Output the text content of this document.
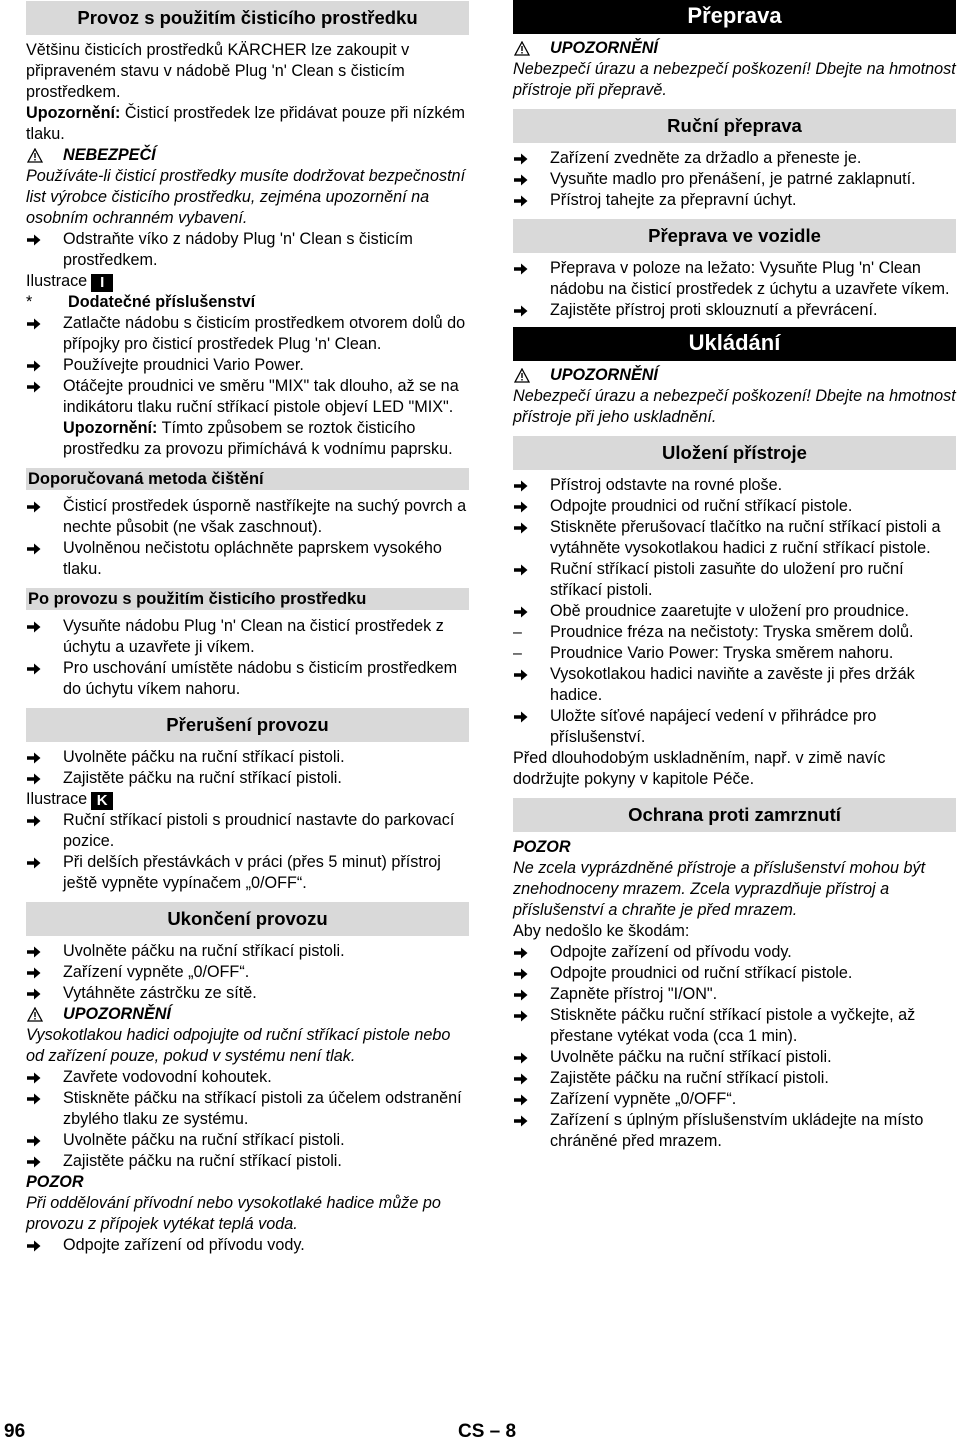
Provoz s použitím čisticího prostředku
Většinu čisticích prostředků KÄRCHER lze zakoupit v připraveném stavu v nádobě Plug 'n' Clean s čisticím prostředkem.
Upozornění: Čisticí prostředek lze přidávat pouze při nízkém tlaku.
NEBEZPEČÍ
Používáte-li čisticí prostředky musíte dodržovat bezpečnostní list výrobce čisticího prostředku, zejména upozornění na osobním ochranném vybavení.
Odstraňte víko z nádoby Plug 'n' Clean s čisticím prostředkem.
Ilustrace I
* Dodatečné příslušenství
Zatlačte nádobu s čisticím prostředkem otvorem dolů do přípojky pro čisticí prostředek Plug 'n' Clean.
Používejte proudnici Vario Power.
Otáčejte proudnici ve směru "MIX" tak dlouho, až se na indikátoru tlaku ruční stříkací pistole objeví LED "MIX".
Upozornění: Tímto způsobem se roztok čisticího prostředku za provozu přimíchává k vodnímu paprsku.
Doporučovaná metoda čištění
Čisticí prostředek úsporně nastříkejte na suchý povrch a nechte působit (ne však zaschnout).
Uvolněnou nečistotu opláchněte paprskem vysokého tlaku.
Po provozu s použitím čisticího prostředku
Vysuňte nádobu Plug 'n' Clean na čisticí prostředek z úchytu a uzavřete ji víkem.
Pro uschování umístěte nádobu s čisticím prostředkem do úchytu víkem nahoru.
Přerušení provozu
Uvolněte páčku na ruční stříkací pistoli.
Zajistěte páčku na ruční stříkací pistoli.
Ilustrace K
Ruční stříkací pistoli s proudnicí nastavte do parkovací pozice.
Při delších přestávkách v práci (přes 5 minut) přístroj ještě vypněte vypínačem „0/OFF“.
Ukončení provozu
Uvolněte páčku na ruční stříkací pistoli.
Zařízení vypněte „0/OFF“.
Vytáhněte zástrčku ze sítě.
UPOZORNĚNÍ
Vysokotlakou hadici odpojujte od ruční stříkací pistole nebo od zařízení pouze, pokud v systému není tlak.
Zavřete vodovodní kohoutek.
Stiskněte páčku na stříkací pistoli za účelem odstranění zbylého tlaku ze systému.
Uvolněte páčku na ruční stříkací pistoli.
Zajistěte páčku na ruční stříkací pistoli.
POZOR
Při oddělování přívodní nebo vysokotlaké hadice může po provozu z přípojek vytékat teplá voda.
Odpojte zařízení od přívodu vody.
Přeprava
UPOZORNĚNÍ
Nebezpečí úrazu a nebezpečí poškození! Dbejte na hmotnost přístroje při přepravě.
Ruční přeprava
Zařízení zvedněte za držadlo a přeneste je.
Vysuňte madlo pro přenášení, je patrné zaklapnutí.
Přístroj tahejte za přepravní úchyt.
Přeprava ve vozidle
Přeprava v poloze na ležato: Vysuňte Plug 'n' Clean nádobu na čisticí prostředek z úchytu a uzavřete víkem.
Zajistěte přístroj proti sklouznutí a převrácení.
Ukládání
UPOZORNĚNÍ
Nebezpečí úrazu a nebezpečí poškození! Dbejte na hmotnost přístroje při jeho uskladnění.
Uložení přístroje
Přístroj odstavte na rovné ploše.
Odpojte proudnici od ruční stříkací pistole.
Stiskněte přerušovací tlačítko na ruční stříkací pistoli a vytáhněte vysokotlakou hadici z ruční stříkací pistole.
Ruční stříkací pistoli zasuňte do uložení pro ruční stříkací pistoli.
Obě proudnice zaaretujte v uložení pro proudnice.
–	Proudnice fréza na nečistoty: Tryska směrem dolů.
–	Proudnice Vario Power: Tryska směrem nahoru.
Vysokotlakou hadici naviňte a zavěste ji přes držák hadice.
Uložte síťové napájecí vedení v přihrádce pro příslušenství.
Před dlouhodobým uskladněním, např. v zimě navíc dodržujte pokyny v kapitole Péče.
Ochrana proti zamrznutí
POZOR
Ne zcela vyprázdněné přístroje a příslušenství mohou být znehodnoceny mrazem. Zcela vyprazdňuje přístroj a příslušenství a chraňte je před mrazem.
Aby nedošlo ke škodám:
Odpojte zařízení od přívodu vody.
Odpojte proudnici od ruční stříkací pistole.
Zapněte přístroj "I/ON".
Stiskněte páčku ruční stříkací pistole a vyčkejte, až přestane vytékat voda (cca 1 min).
Uvolněte páčku na ruční stříkací pistoli.
Zajistěte páčku na ruční stříkací pistoli.
Zařízení vypněte „0/OFF“.
Zařízení s úplným příslušenstvím ukládejte na místo chráněné před mrazem.
96	CS – 8
